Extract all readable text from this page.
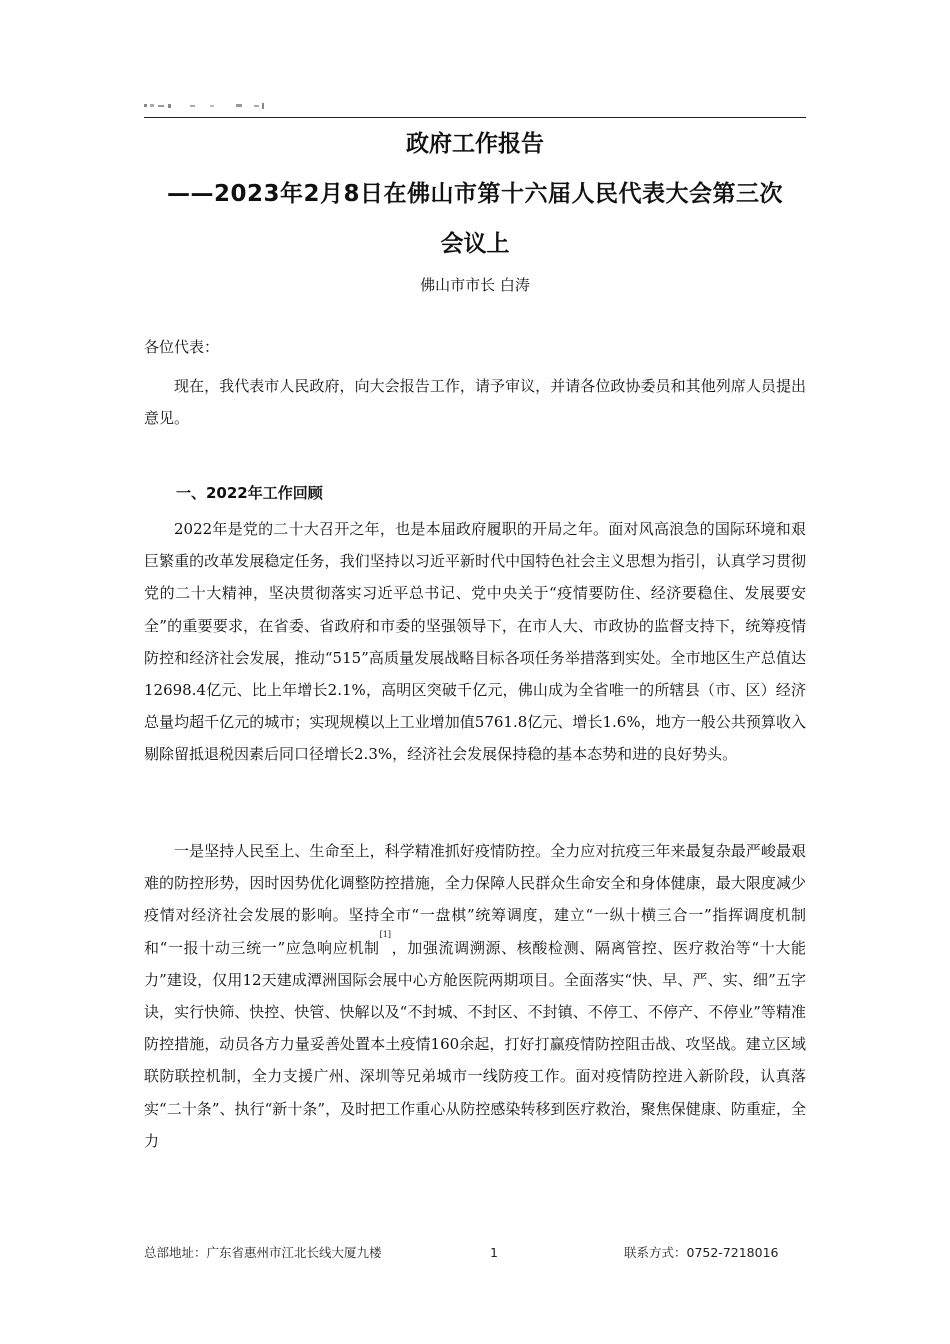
政府工作报告
——2023年2月8日在佛山市第十六届人民代表大会第三次
会议上
佛山市市长 白涛
各位代表：
现在，我代表市人民政府，向大会报告工作，请予审议，并请各位政协委员和其他列席人员提出意见。
一、2022年工作回顾
2022年是党的二十大召开之年，也是本届政府履职的开局之年。面对风高浪急的国际环境和艰巨繁重的改革发展稳定任务，我们坚持以习近平新时代中国特色社会主义思想为指引，认真学习贯彻党的二十大精神，坚决贯彻落实习近平总书记、党中央关于“疫情要防住、经济要稳住、发展要安全”的重要要求，在省委、省政府和市委的坚强领导下，在市人大、市政协的监督支持下，统筹疫情防控和经济社会发展，推动“515”高质量发展战略目标各项任务举措落到实处。全市地区生产总值达12698.4亿元、比上年增长2.1%，高明区突破千亿元，佛山成为全省唯一的所辖县（市、区）经济总量均超千亿元的城市；实现规模以上工业增加值5761.8亿元、增长1.6%，地方一般公共预算收入剔除留抵退税因素后同口径增长2.3%，经济社会发展保持稳的基本态势和进的良好势头。
一是坚持人民至上、生命至上，科学精准抓好疫情防控。全力应对抗疫三年来最复杂最严峻最艰难的防控形势，因时因势优化调整防控措施，全力保障人民群众生命安全和身体健康，最大限度减少疫情对经济社会发展的影响。坚持全市“一盘棋”统筹调度，建立“一纵十横三合一”指挥调度机制和“一报十动三统一”应急响应机制[1]，加强流调溯源、核酸检测、隔离管控、医疗救治等“十大能力”建设，仅用12天建成潭洲国际会展中心方舱医院两期项目。全面落实“快、早、严、实、细”五字诀，实行快筛、快控、快管、快解以及“不封城、不封区、不封镇、不停工、不停产、不停业”等精准防控措施，动员各方力量妥善处置本土疫情160余起，打好打赢疫情防控阻击战、攻坚战。建立区域联防联控机制，全力支援广州、深圳等兄弟城市一线防疫工作。面对疫情防控进入新阶段，认真落实“二十条”、执行“新十条”，及时把工作重心从防控感染转移到医疗救治，聚焦保健康、防重症，全力
总部地址：广东省惠州市江北长线大厦九楼	1	联系方式：0752-7218016
